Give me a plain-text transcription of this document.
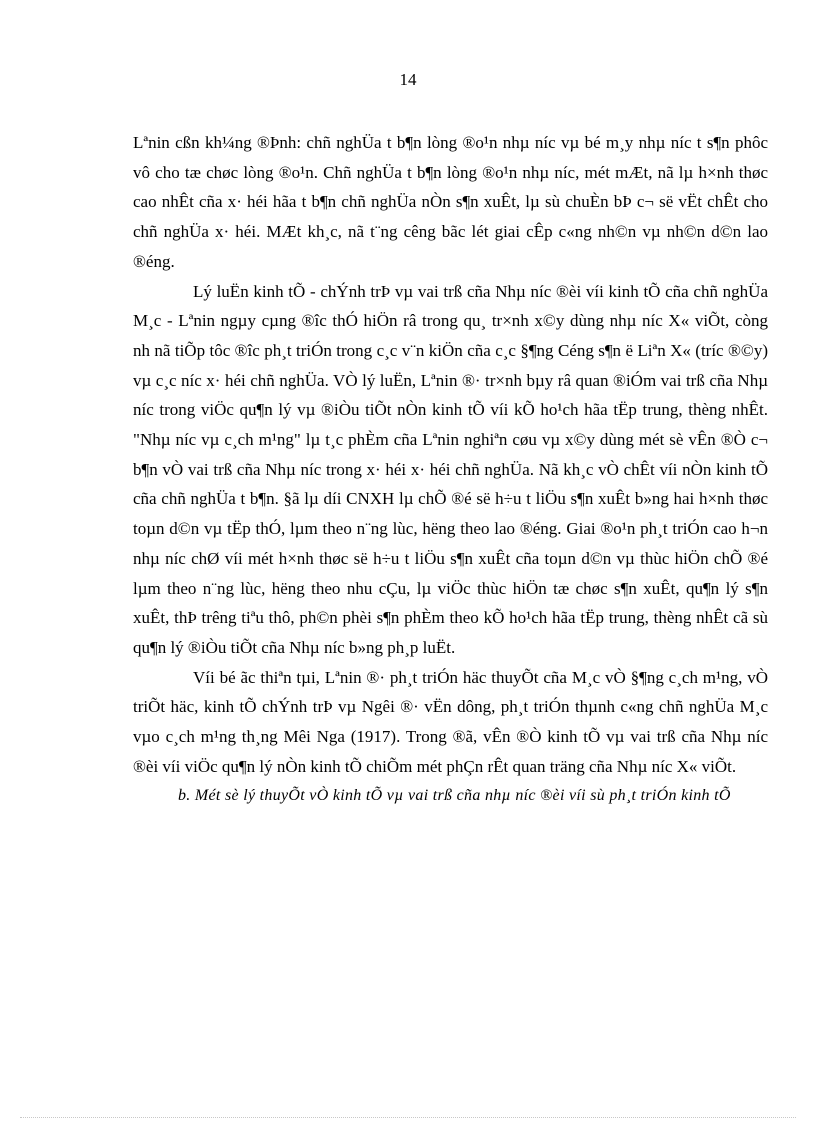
14

Lªnin cßn kh¼ng ®Þnh: chñ nghÜa t b¶n lòng ®o¹n nhµ níc vµ bé m¸y nhµ níc t s¶n phôc vô cho tæ chøc lòng ®o¹n. Chñ nghÜa t b¶n lòng ®o¹n nhµ níc, mét mÆt, nã lµ h×nh thøc cao nhÊt cña x· héi hãa t b¶n chñ nghÜa nÒn s¶n xuÊt, lµ sù chuÈn bÞ c¬ së vËt chÊt cho chñ nghÜa x· héi. MÆt kh¸c, nã t¨ng cêng bãc lét giai cÊp c«ng nh©n vµ nh©n d©n lao ®éng.

Lý luËn kinh tÕ - chÝnh trÞ vµ vai trß cña Nhµ níc ®èi víi kinh tÕ cña chñ nghÜa M¸c - Lªnin ngµy cµng ®îc thÓ hiÖn râ trong qu¸ tr×nh x©y dùng nhµ níc X« viÕt, còng nh nã tiÕp tôc ®îc ph¸t triÓn trong c¸c v¨n kiÖn cña c¸c §¶ng Céng s¶n ë Liªn X« (tríc ®©y) vµ c¸c níc x· héi chñ nghÜa. VÒ lý luËn, Lªnin ®· tr×nh bµy râ quan ®iÓm vai trß cña Nhµ níc trong viÖc qu¶n lý vµ ®iÒu tiÕt nÒn kinh tÕ víi kÕ ho¹ch hãa tËp trung, thèng nhÊt. "Nhµ níc vµ c¸ch m¹ng" lµ t¸c phÈm cña Lªnin nghiªn cøu vµ x©y dùng mét sè vÊn ®Ò c¬ b¶n vÒ vai trß cña Nhµ níc trong x· héi x· héi chñ nghÜa. Nã kh¸c vÒ chÊt víi nÒn kinh tÕ cña chñ nghÜa t b¶n. §ã lµ díi CNXH lµ chÕ ®é së h÷u t liÖu s¶n xuÊt b»ng hai h×nh thøc toµn d©n vµ tËp thÓ, lµm theo n¨ng lùc, hëng theo lao ®éng. Giai ®o¹n ph¸t triÓn cao h¬n nhµ níc chØ víi mét h×nh thøc së h÷u t liÖu s¶n xuÊt cña toµn d©n vµ thùc hiÖn chÕ ®é lµm theo n¨ng lùc, hëng theo nhu cÇu, lµ viÖc thùc hiÖn tæ chøc s¶n xuÊt, qu¶n lý s¶n xuÊt, thÞ trêng tiªu thô, ph©n phèi s¶n phÈm theo kÕ ho¹ch hãa tËp trung, thèng nhÊt cã sù qu¶n lý ®iÒu tiÕt cña Nhµ níc b»ng ph¸p luËt.

Víi bé ãc thiªn tµi, Lªnin ®· ph¸t triÓn häc thuyÕt cña M¸c vÒ §¶ng c¸ch m¹ng, vÒ triÕt häc, kinh tÕ chÝnh trÞ vµ Ngêi ®· vËn dông, ph¸t triÓn thµnh c«ng chñ nghÜa M¸c vµo c¸ch m¹ng th¸ng Mêi Nga (1917). Trong ®ã, vÊn ®Ò kinh tÕ vµ vai trß cña Nhµ níc ®èi víi viÖc qu¶n lý nÒn kinh tÕ chiÕm mét phÇn rÊt quan träng cña Nhµ níc X« viÕt.

b. Mét sè lý thuyÕt vÒ kinh tÕ vµ vai trß cña nhµ níc ®èi víi sù ph¸t triÓn kinh tÕ
